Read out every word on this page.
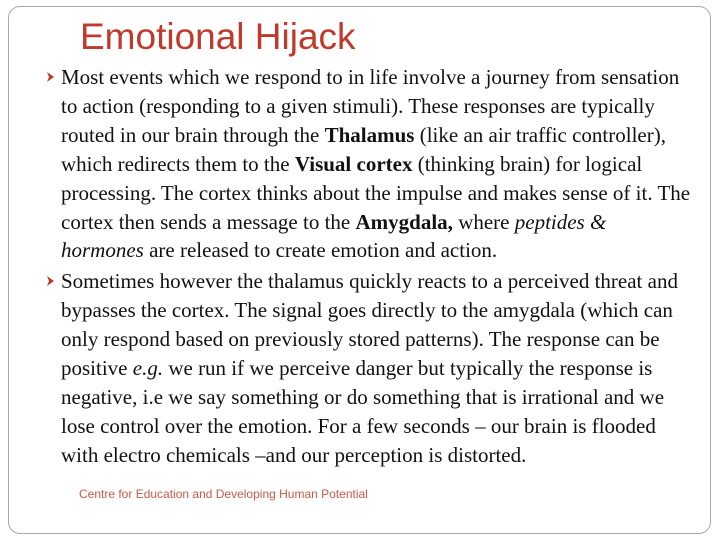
Emotional Hijack

Most events which we respond to in life involve a journey from sensation to action (responding to a given stimuli). These responses are typically routed in our brain through the Thalamus (like an air traffic controller), which redirects them to the Visual cortex (thinking brain) for logical processing. The cortex thinks about the impulse and makes sense of it. The cortex then sends a message to the Amygdala, where peptides & hormones are released to create emotion and action.

Sometimes however the thalamus quickly reacts to a perceived threat and bypasses the cortex. The signal goes directly to the amygdala (which can only respond based on previously stored patterns). The response can be positive e.g. we run if we perceive danger but typically the response is negative, i.e we say something or do something that is irrational and we lose control over the emotion. For a few seconds – our brain is flooded with electro chemicals –and our perception is distorted.

Centre for Education and Developing Human Potential
